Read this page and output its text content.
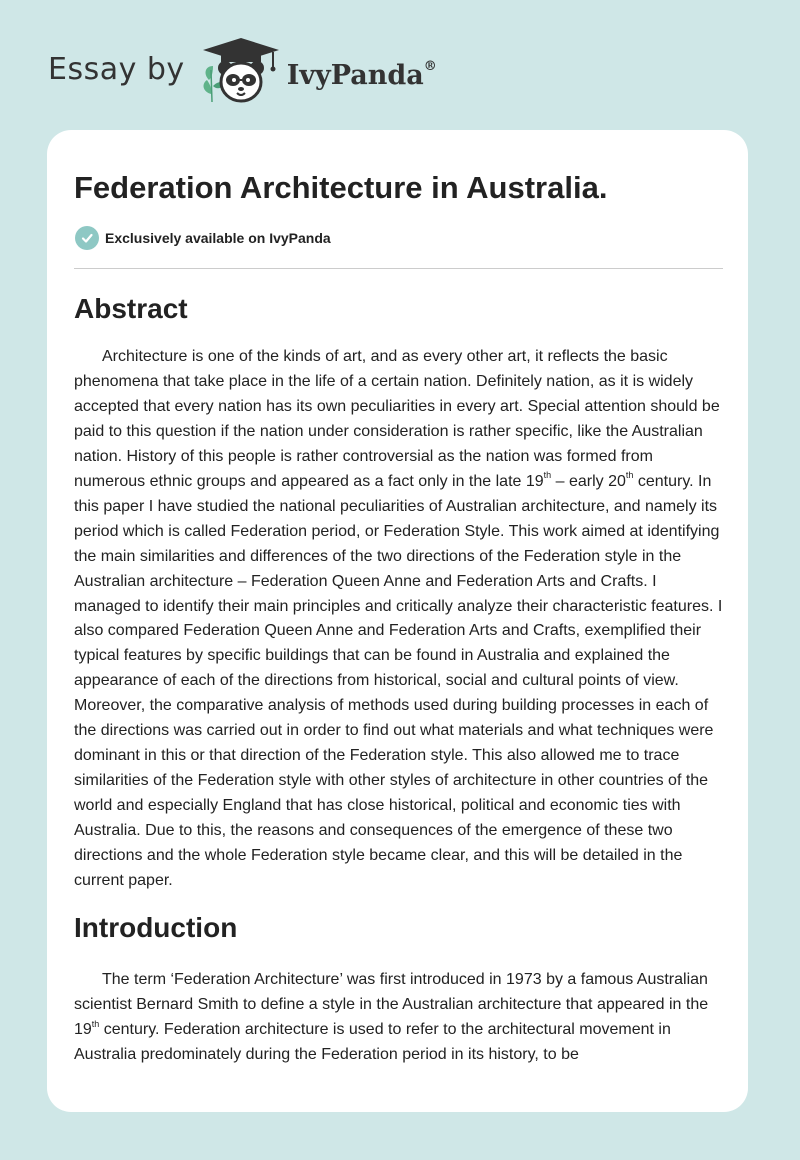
Essay by	IvyPanda®
Federation Architecture in Australia.
Exclusively available on IvyPanda
Abstract

Architecture is one of the kinds of art, and as every other art, it reflects the basic phenomena that take place in the life of a certain nation. Definitely nation, as it is widely accepted that every nation has its own peculiarities in every art. Special attention should be paid to this question if the nation under consideration is rather specific, like the Australian nation. History of this people is rather controversial as the nation was formed from numerous ethnic groups and appeared as a fact only in the late 19th – early 20th century. In this paper I have studied the national peculiarities of Australian architecture, and namely its period which is called Federation period, or Federation Style. This work aimed at identifying the main similarities and differences of the two directions of the Federation style in the Australian architecture – Federation Queen Anne and Federation Arts and Crafts. I managed to identify their main principles and critically analyze their characteristic features. I also compared Federation Queen Anne and Federation Arts and Crafts, exemplified their typical features by specific buildings that can be found in Australia and explained the appearance of each of the directions from historical, social and cultural points of view. Moreover, the comparative analysis of methods used during building processes in each of the directions was carried out in order to find out what materials and what techniques were dominant in this or that direction of the Federation style. This also allowed me to trace similarities of the Federation style with other styles of architecture in other countries of the world and especially England that has close historical, political and economic ties with Australia. Due to this, the reasons and consequences of the emergence of these two directions and the whole Federation style became clear, and this will be detailed in the current paper.

Introduction

The term ‘Federation Architecture’ was first introduced in 1973 by a famous Australian scientist Bernard Smith to define a style in the Australian architecture that appeared in the 19th century. Federation architecture is used to refer to the architectural movement in Australia predominately during the Federation period in its history, to be
